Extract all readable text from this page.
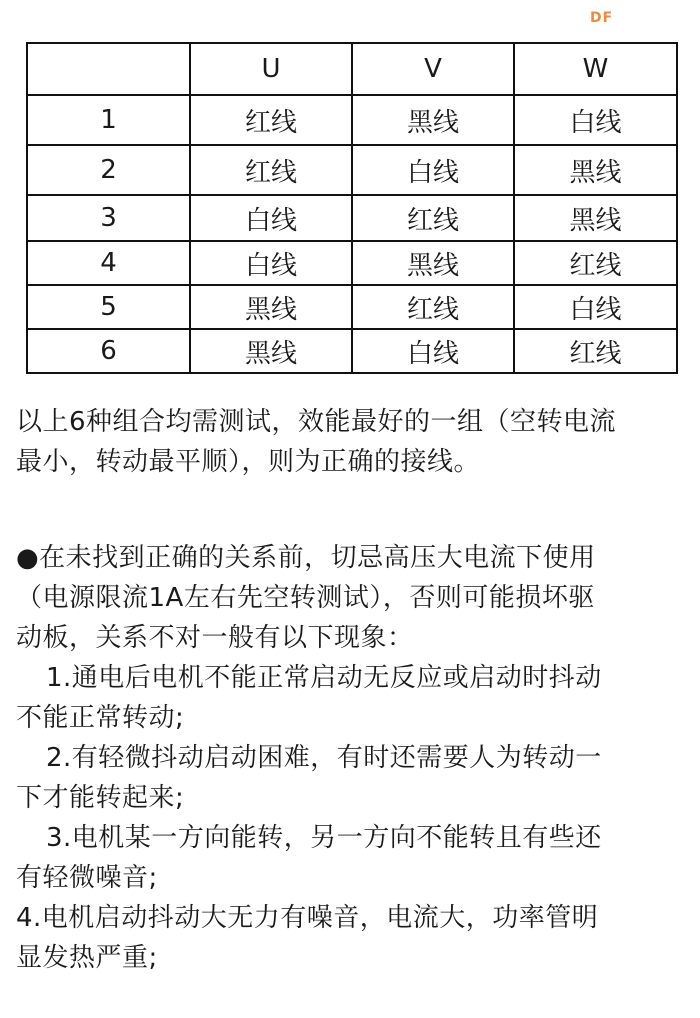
DF
	U	V	W
1	红线	黑线	白线
2	红线	白线	黑线
3	白线	红线	黑线
4	白线	黑线	红线
5	黑线	红线	白线
6	黑线	白线	红线

以上6种组合均需测试，效能最好的一组（空转电流

最小，转动最平顺），则为正确的接线。

●在未找到正确的关系前，切忌高压大电流下使用

（电源限流1A左右先空转测试），否则可能损坏驱

动板，关系不对一般有以下现象：

1.通电后电机不能正常启动无反应或启动时抖动

不能正常转动;

2.有轻微抖动启动困难，有时还需要人为转动一

下才能转起来;

3.电机某一方向能转，另一方向不能转且有些还

有轻微噪音;

4.电机启动抖动大无力有噪音，电流大，功率管明

显发热严重;
